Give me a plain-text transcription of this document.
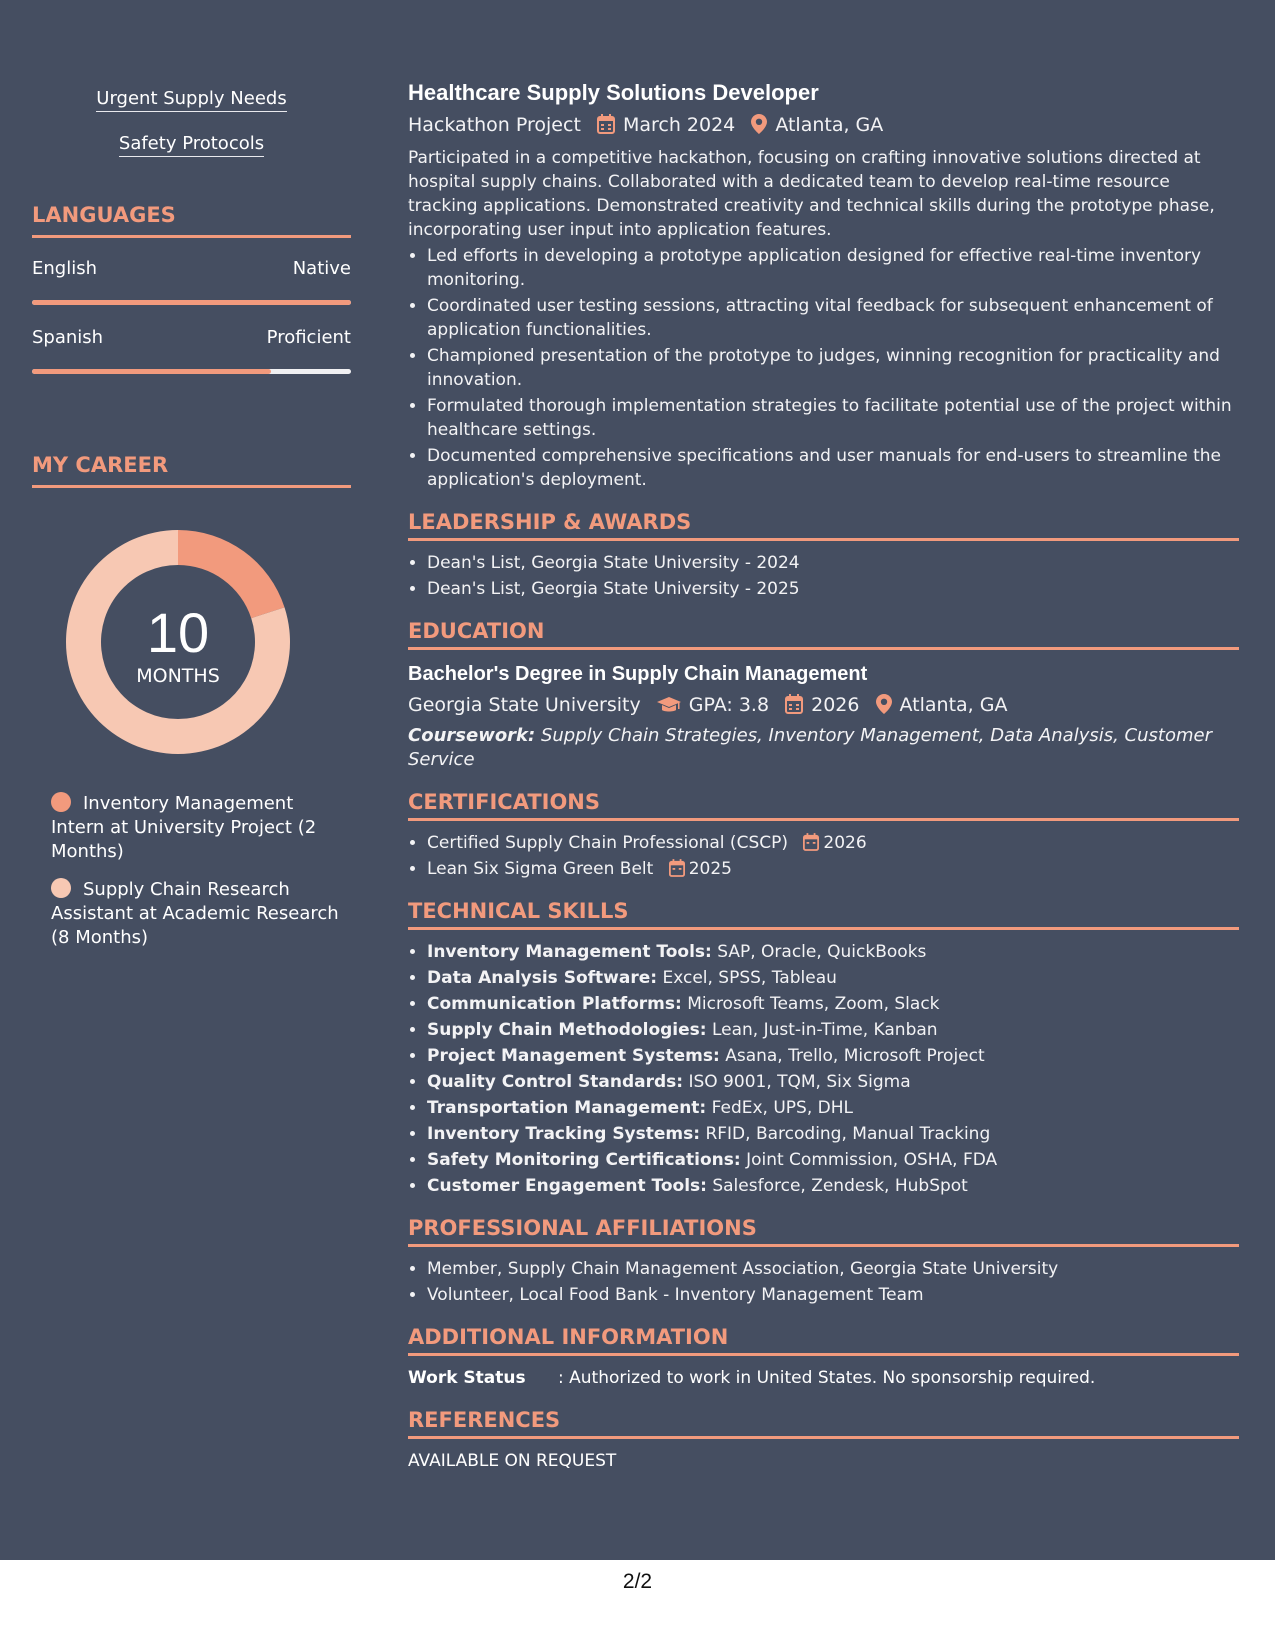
Urgent Supply Needs
Safety Protocols
LANGUAGES
English	Native
Spanish	Proficient
MY CAREER
10
MONTHS
Inventory Management Intern at University Project (2 Months)
Supply Chain Research Assistant at Academic Research (8 Months)
Healthcare Supply Solutions Developer
Hackathon Project March 2024 Atlanta, GA
Participated in a competitive hackathon, focusing on crafting innovative solutions directed at hospital supply chains. Collaborated with a dedicated team to develop real-time resource tracking applications. Demonstrated creativity and technical skills during the prototype phase, incorporating user input into application features.
• Led efforts in developing a prototype application designed for effective real-time inventory monitoring.
• Coordinated user testing sessions, attracting vital feedback for subsequent enhancement of application functionalities.
• Championed presentation of the prototype to judges, winning recognition for practicality and innovation.
• Formulated thorough implementation strategies to facilitate potential use of the project within healthcare settings.
• Documented comprehensive specifications and user manuals for end-users to streamline the application's deployment.
LEADERSHIP & AWARDS
• Dean's List, Georgia State University - 2024
• Dean's List, Georgia State University - 2025
EDUCATION
Bachelor's Degree in Supply Chain Management
Georgia State University	GPA: 3.8 2026 Atlanta, GA
Coursework: Supply Chain Strategies, Inventory Management, Data Analysis, Customer Service
CERTIFICATIONS
• Certified Supply Chain Professional (CSCP) 2026
• Lean Six Sigma Green Belt 2025
TECHNICAL SKILLS
• Inventory Management Tools: SAP, Oracle, QuickBooks
• Data Analysis Software: Excel, SPSS, Tableau
• Communication Platforms: Microsoft Teams, Zoom, Slack
• Supply Chain Methodologies: Lean, Just-in-Time, Kanban
• Project Management Systems: Asana, Trello, Microsoft Project
• Quality Control Standards: ISO 9001, TQM, Six Sigma
• Transportation Management: FedEx, UPS, DHL
• Inventory Tracking Systems: RFID, Barcoding, Manual Tracking
• Safety Monitoring Certifications: Joint Commission, OSHA, FDA
• Customer Engagement Tools: Salesforce, Zendesk, HubSpot
PROFESSIONAL AFFILIATIONS
• Member, Supply Chain Management Association, Georgia State University
• Volunteer, Local Food Bank - Inventory Management Team
ADDITIONAL INFORMATION
Work Status	: Authorized to work in United States. No sponsorship required.
REFERENCES
AVAILABLE ON REQUEST
2/2
